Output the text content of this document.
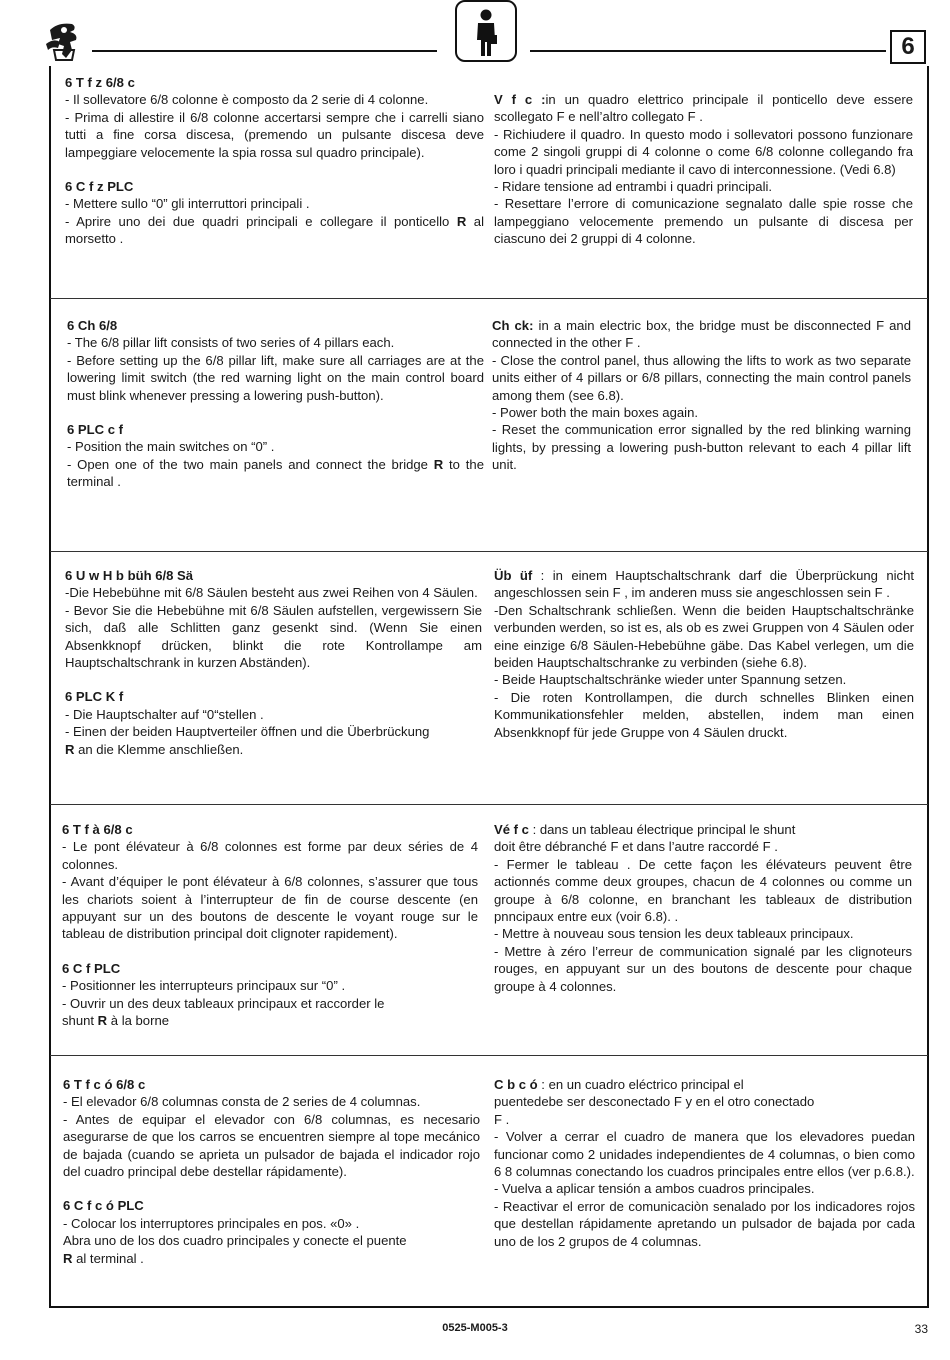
6

6 T f z 6/8 c

- Il sollevatore 6/8 colonne è composto da 2 serie di 4 colonne.

- Prima di allestire il 6/8 colonne accertarsi sempre che i carrelli siano tutti a fine corsa discesa, (premendo un pulsante discesa deve lampeggiare velocemente la spia rossa sul quadro principale).

6 C f z PLC

- Mettere sullo “0” gli interruttori principali .

- Aprire uno dei due quadri principali e collegare il ponticello R al morsetto .

V f c :in un quadro elettrico principale il ponticello deve essere scollegato F e nell’altro collegato F .

- Richiudere il quadro. In questo modo i sollevatori possono funzionare come 2 singoli gruppi di 4 colonne o come 6/8 colonne collegando fra loro i quadri principali mediante il cavo di interconnessione. (Vedi 6.8)

- Ridare tensione ad entrambi i quadri principali.

- Resettare l’errore di comunicazione segnalato dalle spie rosse che lampeggiano velocemente premendo un pulsante di discesa per ciascuno dei 2 gruppi di 4 colonne.

6 Ch 6/8

- The 6/8 pillar lift consists of two series of 4 pillars each.

- Before setting up the 6/8 pillar lift, make sure all carriages are at the lowering limit switch (the red warning light on the main control board must blink whenever pressing a lowering push-button).

6 PLC c f

- Position the main switches on “0” .

- Open one of the two main panels and connect the bridge R to the terminal .

Ch ck: in a main electric box, the bridge must be disconnected F and connected in the other F .

- Close the control panel, thus allowing the lifts to work as two separate units either of 4 pillars or 6/8 pillars, connecting the main control panels among them (see 6.8).

- Power both the main boxes again.

- Reset the communication error signalled by the red blinking warning lights, by pressing a lowering push-button relevant to each 4 pillar lift unit.

6 U w H b büh 6/8 Sä

-Die Hebebühne mit 6/8 Säulen besteht aus zwei Reihen von 4 Säulen.

- Bevor Sie die Hebebühne mit 6/8 Säulen aufstellen, vergewissern Sie sich, daß alle Schlitten ganz gesenkt sind. (Wenn Sie einen Absenkknopf drücken, blinkt die rote Kontrollampe am Hauptschaltschrank in kurzen Abständen).

6 PLC K f

- Die Hauptschalter auf “0“stellen .

- Einen der beiden Hauptverteiler öffnen und die Überbrückung

R an die Klemme anschließen.

Üb üf : in einem Hauptschaltschrank darf die Überprückung nicht angeschlossen sein F , im anderen muss sie angeschlossen sein F .

-Den Schaltschrank schließen. Wenn die beiden Hauptschaltschränke verbunden werden, so ist es, als ob es zwei Gruppen von 4 Säulen oder eine einzige 6/8 Säulen-Hebebühne gäbe. Das Kabel verlegen, um die beiden Hauptschaltschranke zu verbinden (siehe 6.8).

- Beide Hauptschaltschränke wieder unter Spannung setzen.

- Die roten Kontrollampen, die durch schnelles Blinken einen Kommunikationsfehler melden, abstellen, indem man einen Absenkknopf für jede Gruppe von 4 Säulen druckt.

6 T f à 6/8 c

- Le pont élévateur à 6/8 colonnes est forme par deux séries de 4 colonnes.

- Avant d’équiper le pont élévateur à 6/8 colonnes, s’assurer que tous les chariots soient à l’interrupteur de fin de course descente (en appuyant sur un des boutons de descente le voyant rouge sur le tableau de distribution principal doit clignoter rapidement).

6 C f PLC

- Positionner les interrupteurs principaux sur “0” .

- Ouvrir un des deux tableaux principaux et raccorder le

shunt R à la borne

Vé f c : dans un tableau électrique principal le shunt

doit être débranché F et dans l’autre raccordé F .

- Fermer le tableau . De cette façon les élévateurs peuvent être actionnés comme deux groupes, chacun de 4 colonnes ou comme un groupe à 6/8 colonne, en branchant les tableaux de distribution pnncipaux entre eux (voir 6.8). .

- Mettre à nouveau sous tension les deux tableaux principaux.

- Mettre à zéro l’erreur de communication signalé par les clignoteurs rouges, en appuyant sur un des boutons de descente pour chaque groupe à 4 colonnes.

6 T f c ó 6/8 c

- El elevador 6/8 columnas consta de 2 series de 4 columnas.

- Antes de equipar el elevador con 6/8 columnas, es necesario asegurarse de que los carros se encuentren siempre al tope mecánico de bajada (cuando se aprieta un pulsador de bajada el indicador rojo del cuadro principal debe destellar rápidamente).

6 C f c ó PLC

- Colocar los interruptores principales en pos. «0» .

Abra uno de los dos cuadro principales y conecte el puente

R al terminal .

C b c ó : en un cuadro eléctrico principal el

puentedebe ser desconectado F y en el otro conectado

F .

- Volver a cerrar el cuadro de manera que los elevadores puedan funcionar como 2 unidades independientes de 4 columnas, o bien como 6 8 columnas conectando los cuadros principales entre ellos (ver p.6.8.).

- Vuelva a aplicar tensión a ambos cuadros principales.

- Reactivar el error de comunicaciòn senalado por los indicadores rojos que destellan rápidamente apretando un pulsador de bajada por cada uno de los 2 grupos de 4 columnas.

0525-M005-3	33
